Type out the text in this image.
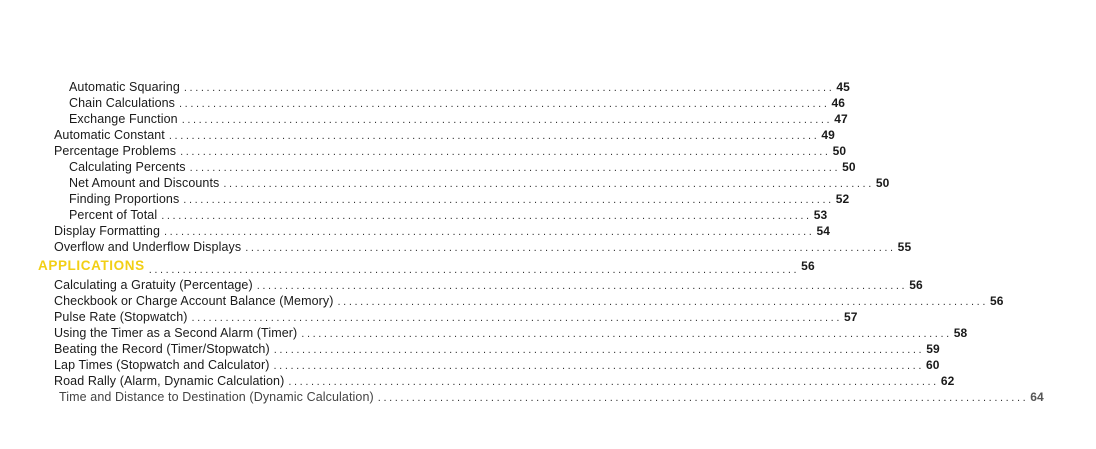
Automatic Squaring ................................................................................................................... 45
Chain Calculations ................................................................................................................... 46
Exchange Function ................................................................................................................... 47
Automatic Constant ................................................................................................................... 49
Percentage Problems ................................................................................................................... 50
Calculating Percents ................................................................................................................... 50
Net Amount and Discounts ................................................................................................................... 50
Finding Proportions ................................................................................................................... 52
Percent of Total ................................................................................................................... 53
Display Formatting ................................................................................................................... 54
Overflow and Underflow Displays ................................................................................................................... 55
APPLICATIONS ................................................................................................................... 56
Calculating a Gratuity (Percentage) ................................................................................................................... 56
Checkbook or Charge Account Balance (Memory) ................................................................................................................... 56
Pulse Rate (Stopwatch) ................................................................................................................... 57
Using the Timer as a Second Alarm (Timer) ................................................................................................................... 58
Beating the Record (Timer/Stopwatch) ................................................................................................................... 59
Lap Times (Stopwatch and Calculator) ................................................................................................................... 60
Road Rally (Alarm, Dynamic Calculation) ................................................................................................................... 62
Time and Distance to Destination (Dynamic Calculation) ................................................................................................................... 64
